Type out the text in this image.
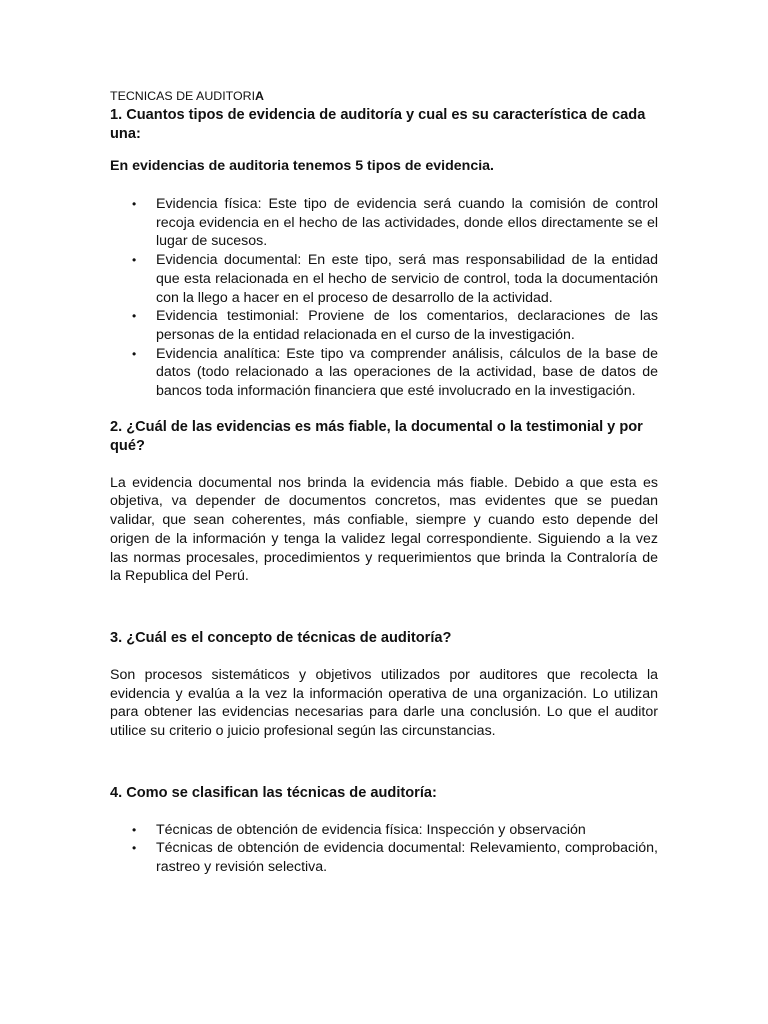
TECNICAS DE AUDITORIA
1. Cuantos tipos de evidencia de auditoría y cual es su característica de cada una:
En evidencias de auditoria tenemos 5 tipos de evidencia.
• Evidencia física: Este tipo de evidencia será cuando la comisión de control recoja evidencia en el hecho de las actividades, donde ellos directamente se el lugar de sucesos.
• Evidencia documental: En este tipo, será mas responsabilidad de la entidad que esta relacionada en el hecho de servicio de control, toda la documentación con la llego a hacer en el proceso de desarrollo de la actividad.
• Evidencia testimonial: Proviene de los comentarios, declaraciones de las personas de la entidad relacionada en el curso de la investigación.
• Evidencia analítica: Este tipo va comprender análisis, cálculos de la base de datos (todo relacionado a las operaciones de la actividad, base de datos de bancos toda información financiera que esté involucrado en la investigación.
2. ¿Cuál de las evidencias es más fiable, la documental o la testimonial y por qué?

La evidencia documental nos brinda la evidencia más fiable. Debido a que esta es objetiva, va depender de documentos concretos, mas evidentes que se puedan validar, que sean coherentes, más confiable, siempre y cuando esto depende del origen de la información y tenga la validez legal correspondiente. Siguiendo a la vez las normas procesales, procedimientos y requerimientos que brinda la Contraloría de la Republica del Perú.

3. ¿Cuál es el concepto de técnicas de auditoría?

Son procesos sistemáticos y objetivos utilizados por auditores que recolecta la evidencia y evalúa a la vez la información operativa de una organización. Lo utilizan para obtener las evidencias necesarias para darle una conclusión. Lo que el auditor utilice su criterio o juicio profesional según las circunstancias.

4. Como se clasifican las técnicas de auditoría:
• Técnicas de obtención de evidencia física: Inspección y observación
• Técnicas de obtención de evidencia documental: Relevamiento, comprobación, rastreo y revisión selectiva.
